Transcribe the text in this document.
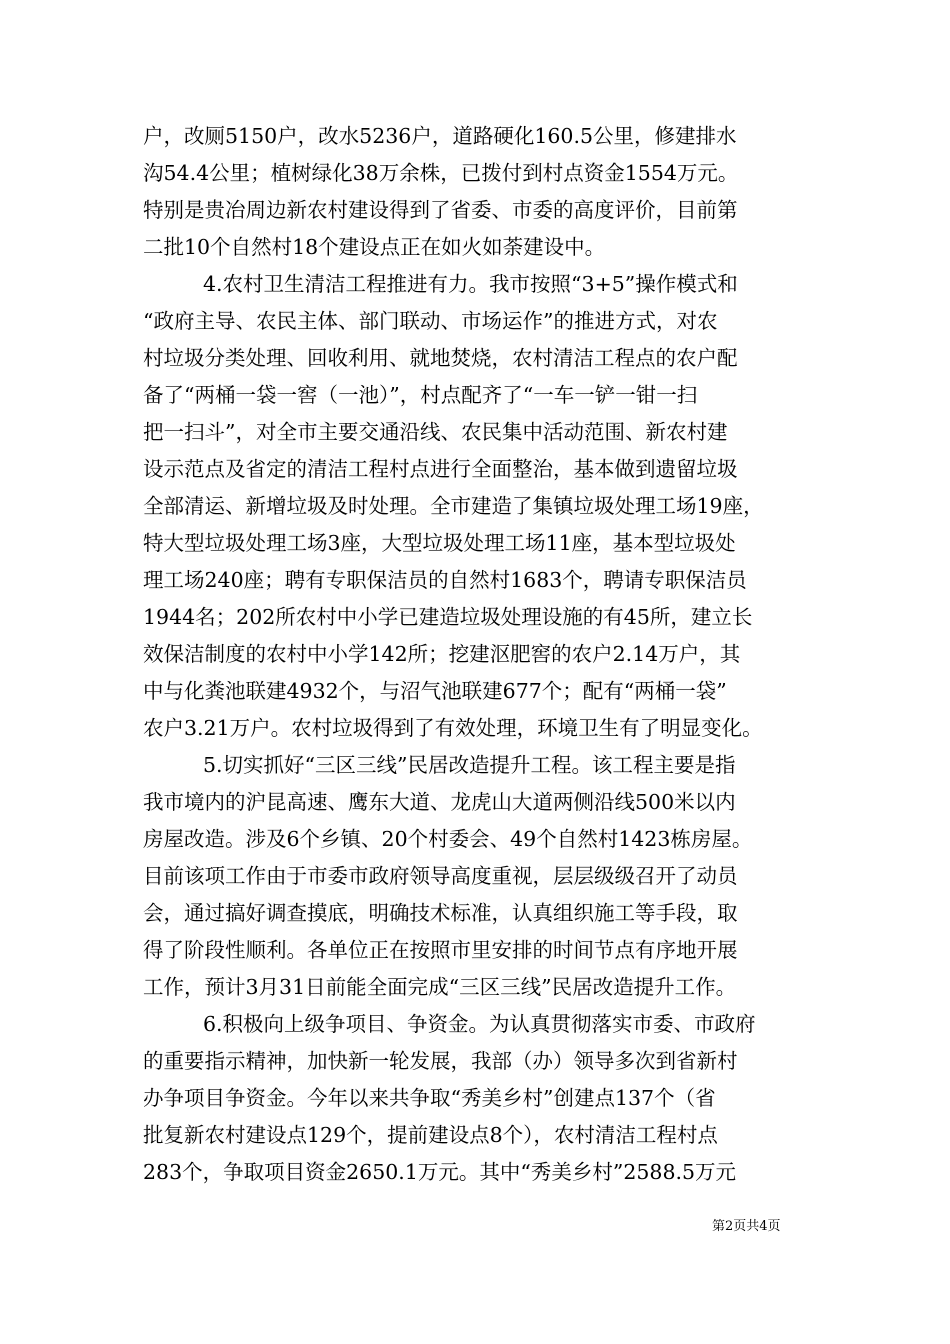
户，改厕5150户，改水5236户，道路硬化160.5公里，修建排水
沟54.4公里；植树绿化38万余株，已拨付到村点资金1554万元。
特别是贵冶周边新农村建设得到了省委、市委的高度评价，目前第
二批10个自然村18个建设点正在如火如荼建设中。
4.农村卫生清洁工程推进有力。我市按照“3+5”操作模式和
“政府主导、农民主体、部门联动、市场运作”的推进方式，对农
村垃圾分类处理、回收利用、就地焚烧，农村清洁工程点的农户配
备了“两桶一袋一窖（一池）”，村点配齐了“一车一铲一钳一扫
把一扫斗”，对全市主要交通沿线、农民集中活动范围、新农村建
设示范点及省定的清洁工程村点进行全面整治，基本做到遗留垃圾
全部清运、新增垃圾及时处理。全市建造了集镇垃圾处理工场19座，
特大型垃圾处理工场3座，大型垃圾处理工场11座，基本型垃圾处
理工场240座；聘有专职保洁员的自然村1683个，聘请专职保洁员
1944名；202所农村中小学已建造垃圾处理设施的有45所，建立长
效保洁制度的农村中小学142所；挖建沤肥窖的农户2.14万户，其
中与化粪池联建4932个，与沼气池联建677个；配有“两桶一袋”
农户3.21万户。农村垃圾得到了有效处理，环境卫生有了明显变化。
5.切实抓好“三区三线”民居改造提升工程。该工程主要是指
我市境内的沪昆高速、鹰东大道、龙虎山大道两侧沿线500米以内
房屋改造。涉及6个乡镇、20个村委会、49个自然村1423栋房屋。
目前该项工作由于市委市政府领导高度重视，层层级级召开了动员
会，通过搞好调查摸底，明确技术标准，认真组织施工等手段，取
得了阶段性顺利。各单位正在按照市里安排的时间节点有序地开展
工作，预计3月31日前能全面完成“三区三线”民居改造提升工作。
6.积极向上级争项目、争资金。为认真贯彻落实市委、市政府
的重要指示精神，加快新一轮发展，我部（办）领导多次到省新村
办争项目争资金。今年以来共争取“秀美乡村”创建点137个（省
批复新农村建设点129个，提前建设点8个），农村清洁工程村点
283个，争取项目资金2650.1万元。其中“秀美乡村”2588.5万元
第2页共4页
